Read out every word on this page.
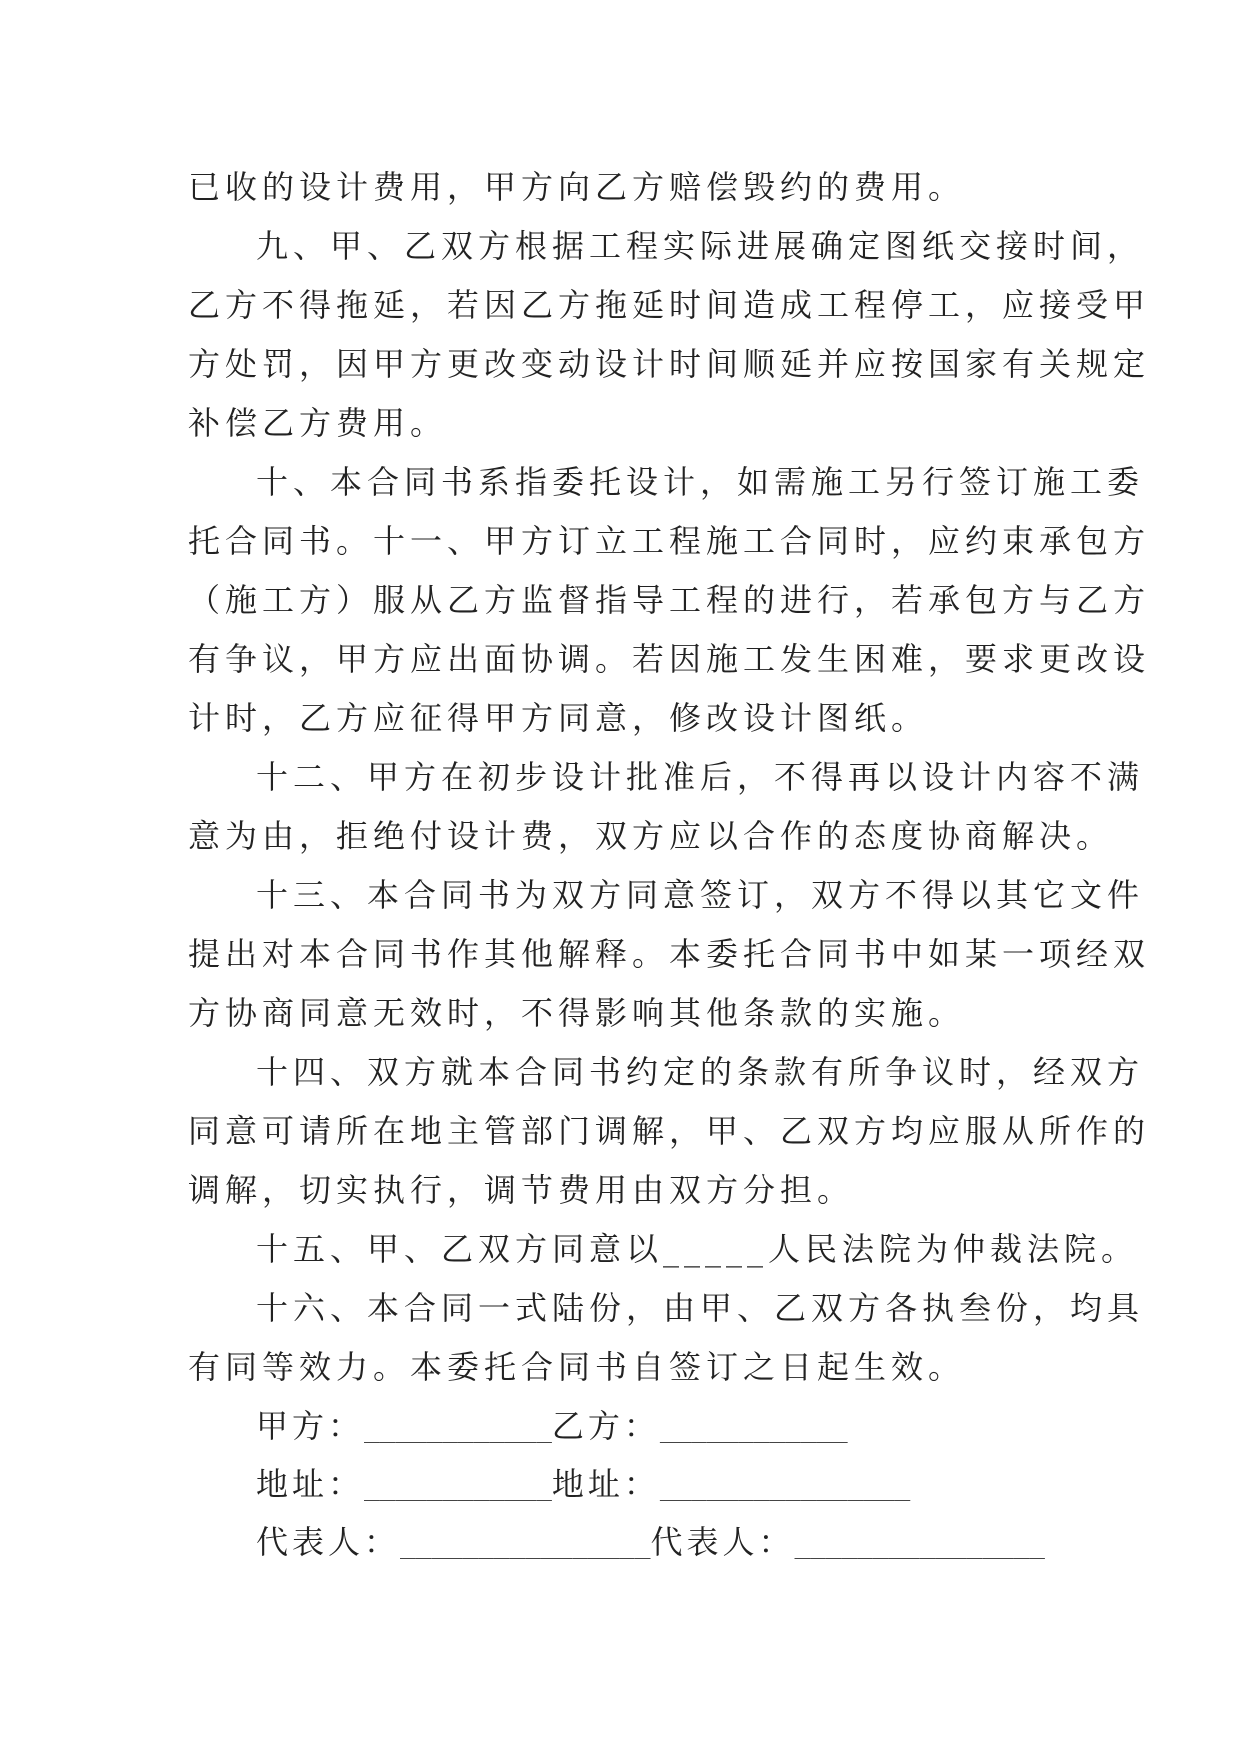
已收的设计费用，甲方向乙方赔偿毁约的费用。
九、甲、乙双方根据工程实际进展确定图纸交接时间，
乙方不得拖延，若因乙方拖延时间造成工程停工，应接受甲
方处罚，因甲方更改变动设计时间顺延并应按国家有关规定
补偿乙方费用。
十、本合同书系指委托设计，如需施工另行签订施工委
托合同书。十一、甲方订立工程施工合同时，应约束承包方
（施工方）服从乙方监督指导工程的进行，若承包方与乙方
有争议，甲方应出面协调。若因施工发生困难，要求更改设
计时，乙方应征得甲方同意，修改设计图纸。
十二、甲方在初步设计批准后，不得再以设计内容不满
意为由，拒绝付设计费，双方应以合作的态度协商解决。
十三、本合同书为双方同意签订，双方不得以其它文件
提出对本合同书作其他解释。本委托合同书中如某一项经双
方协商同意无效时，不得影响其他条款的实施。
十四、双方就本合同书约定的条款有所争议时，经双方
同意可请所在地主管部门调解，甲、乙双方均应服从所作的
调解，切实执行，调节费用由双方分担。
十五、甲、乙双方同意以_____人民法院为仲裁法院。
十六、本合同一式陆份，由甲、乙双方各执叁份，均具
有同等效力。本委托合同书自签订之日起生效。
甲方：____________乙方：____________
地址：____________地址：________________
代表人：________________代表人：________________
